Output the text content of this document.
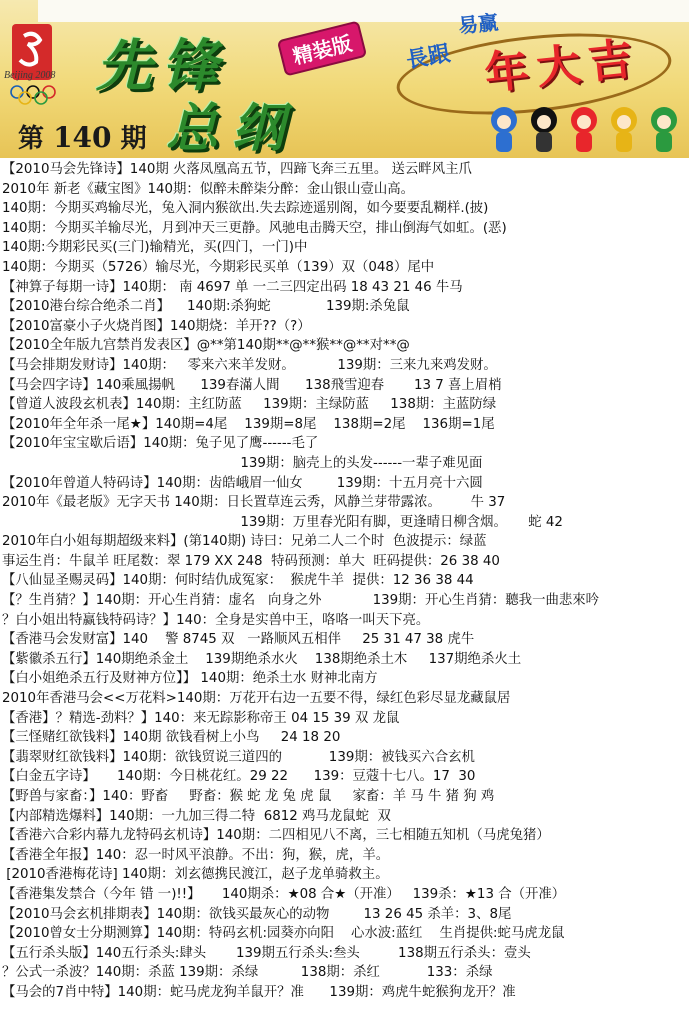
Beijing 2008 先锋	精装版
总纲
第 140 期
易赢
長跟 年大吉
【2010马会先锋诗】140期 火落凤凰高五节，四蹄飞奔三五里。 送云畔风主爪
2010年 新老《藏宝图》140期：似醉未醉柒分醉：金山银山壹山高。
140期：今期买鸡输尽光，兔入洞内猴欲出.失去踪迹遥别阁，如今要要乱糊样.(披)
140期：今期买羊输尽光，月到冲天三更静。风驰电击腾天空，排山倒海气如虹。(恶)
140期:今期彩民买(三门)输精光，买(四门，一门)中
140期：今期买（5726）输尽光，今期彩民买单（139）双（048）尾中
【神算子每期一诗】140期： 南 4697 单 一二三四定出码 18 43 21 46 牛马
【2010港台综合绝杀二肖】    140期:杀狗蛇             139期:杀兔鼠
【2010富豪小子火烧肖图】140期烧：羊开??（?）
【2010全年版九宫禁肖发表区】@**第140期**@**猴**@**对**@
【马会排期发财诗】140期：   零来六来羊发财。          139期：三来九来鸡发财。
【马会四字诗】140乘風揚帆      139春滿人間      138飛雪迎春       13 7 喜上眉梢
【曾道人波段玄机表】140期：主红防蓝     139期：主绿防蓝     138期：主蓝防绿
【2010年全年杀一尾★】140期=4尾    139期=8尾    138期=2尾    136期=1尾
【2010年宝宝歇后语】140期：兔子见了鹰------毛了
139期：脑壳上的头发------一辈子难见面
【2010年曾道人特码诗】140期：齿皓峨眉一仙女        139期：十五月亮十六圆
2010年《最老版》无字天书 140期：日长置草连云秀，风静兰芽带露浓。       牛 37
139期：万里春光阳有脚，更逢晴日柳含烟。     蛇 42
2010年白小姐每期超级来料】(第140期) 诗曰：兄弟二人二个时  色波提示：绿蓝
事运生肖：牛鼠羊 旺尾数：翠 179 XX 248  特码预测：单大  旺码提供：26 38 40
【八仙显圣赐灵码】140期：何时结仇成冤家：  猴虎牛羊  提供：12 36 38 44
【？生肖猜？】140期：开心生肖猜：虚名   向身之外            139期：开心生肖猜：聽我一曲悲來吟
？白小姐出特赢钱特码诗？】140：全身是实兽中王，咯咯一叫天下亮。
【香港马会发财富】140    警 8745 双   一路顺风五相伴     25 31 47 38 虎牛
【紫徽杀五行】140期绝杀金土    139期绝杀水火    138期绝杀土木     137期绝杀火土
【白小姐绝杀五行及财神方位】】 140期：绝杀土水 财神北南方
2010年香港马会<<万花料>140期：万花开右边一五要不得，绿红色彩尽显龙藏鼠居
【香港】？精选-劲料？】140：来无踪影称帝王 04 15 39 双 龙鼠
【三怪赌红欲钱料】140期 欲钱看树上小鸟     24 18 20
【翡翠财红欲钱料】140期：欲钱贸说三道四的           139期：被钱买六合玄机
【白金五字诗】     140期：今日桃花红。29 22      139：豆蔻十七八。17  30
【野兽与家畜：】140：野畜     野畜：猴 蛇 龙 兔 虎 鼠     家畜：羊 马 牛 猪 狗 鸡
【内部精选爆料】140期：一九加三得二特  6812 鸡马龙鼠蛇  双
【香港六合彩内幕九龙特码玄机诗】140期：二四相见八不离，三七相随五知机（马虎兔猪）
【香港全年报】140：忍一时风平浪静。不出：狗，猴，虎，羊。
[2010香港梅花诗] 140期：刘玄德携民渡江，赵子龙单骑救主。
【香港集发禁合（今年 错 一)!!】     140期杀：★08 合★（开准）   139杀：★13 合（开准）
【2010马会玄机排期表】140期：欲钱买最灰心的动物        13 26 45 杀羊：3、8尾
【2010曾女士分期测算】140期：特码玄机:园葵亦向阳    心水波:蓝红    生肖提供:蛇马虎龙鼠
【五行杀头版】140五行杀头:肆头       139期五行杀头:叁头         138期五行杀头：壹头
？公式一杀波？140期：杀蓝 139期：杀绿          138期：杀红           133：杀绿
【马会的7肖中特】140期：蛇马虎龙狗羊鼠开？准      139期：鸡虎牛蛇猴狗龙开？准
